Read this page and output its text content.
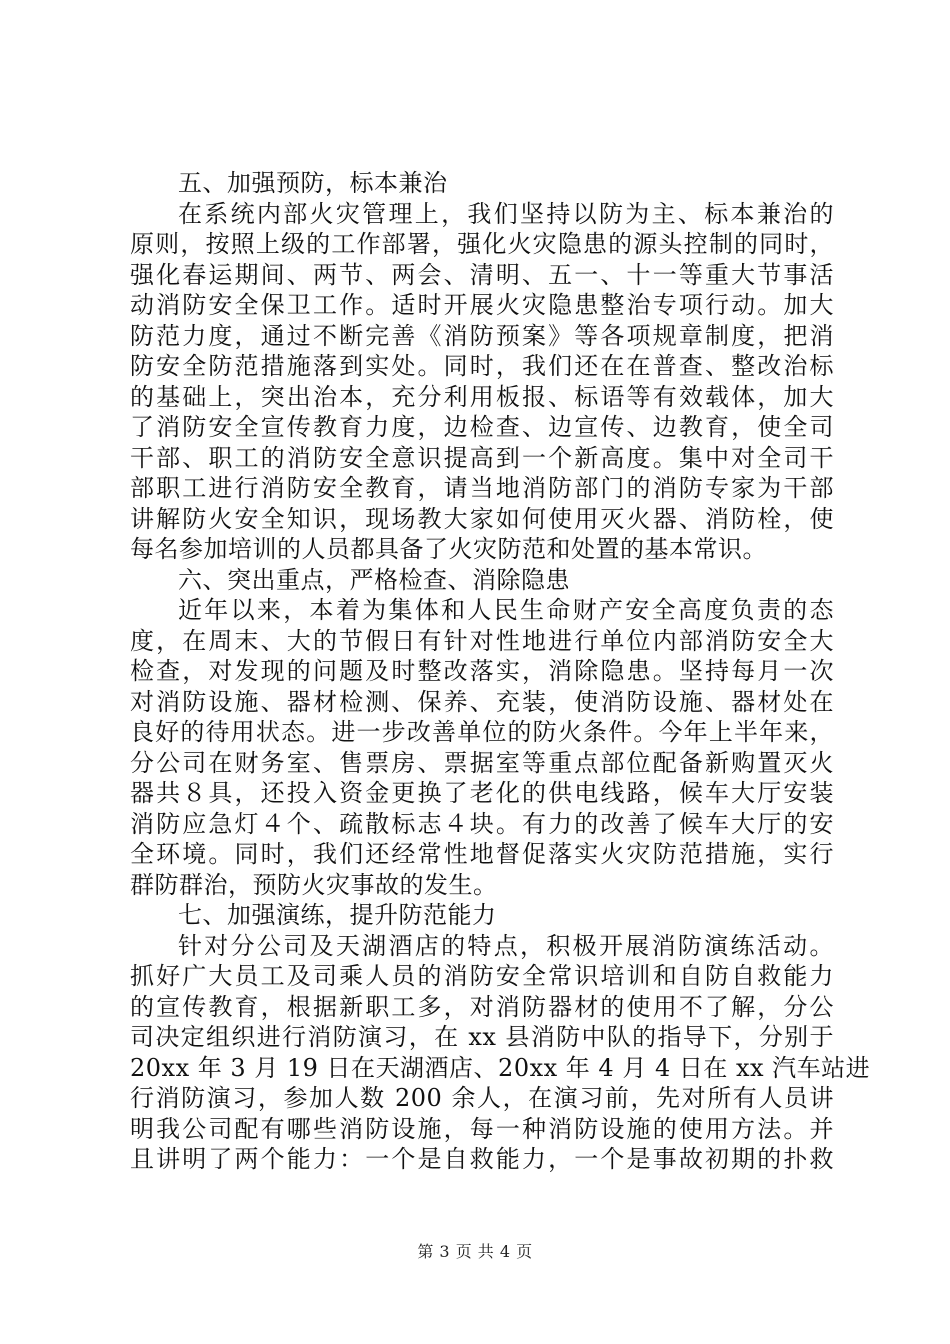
五、加强预防，标本兼治
在系统内部火灾管理上，我们坚持以防为主、标本兼治的
原则，按照上级的工作部署，强化火灾隐患的源头控制的同时，
强化春运期间、两节、两会、清明、五一、十一等重大节事活
动消防安全保卫工作。适时开展火灾隐患整治专项行动。加大
防范力度，通过不断完善《消防预案》等各项规章制度，把消
防安全防范措施落到实处。同时，我们还在在普查、整改治标
的基础上，突出治本，充分利用板报、标语等有效载体，加大
了消防安全宣传教育力度，边检查、边宣传、边教育，使全司
干部、职工的消防安全意识提高到一个新高度。集中对全司干
部职工进行消防安全教育，请当地消防部门的消防专家为干部
讲解防火安全知识，现场教大家如何使用灭火器、消防栓，使
每名参加培训的人员都具备了火灾防范和处置的基本常识。
六、突出重点，严格检查、消除隐患
近年以来，本着为集体和人民生命财产安全高度负责的态
度，在周末、大的节假日有针对性地进行单位内部消防安全大
检查，对发现的问题及时整改落实，消除隐患。坚持每月一次
对消防设施、器材检测、保养、充装，使消防设施、器材处在
良好的待用状态。进一步改善单位的防火条件。今年上半年来，
分公司在财务室、售票房、票据室等重点部位配备新购置灭火
器共８具，还投入资金更换了老化的供电线路，候车大厅安装
消防应急灯４个、疏散标志４块。有力的改善了候车大厅的安
全环境。同时，我们还经常性地督促落实火灾防范措施，实行
群防群治，预防火灾事故的发生。
七、加强演练，提升防范能力
针对分公司及天湖酒店的特点，积极开展消防演练活动。
抓好广大员工及司乘人员的消防安全常识培训和自防自救能力
的宣传教育，根据新职工多，对消防器材的使用不了解，分公
司决定组织进行消防演习，在 xx 县消防中队的指导下，分别于
20xx 年 3 月 19 日在天湖酒店、20xx 年 4 月 4 日在 xx 汽车站进
行消防演习，参加人数 200 余人，在演习前，先对所有人员讲
明我公司配有哪些消防设施，每一种消防设施的使用方法。并
且讲明了两个能力：一个是自救能力，一个是事故初期的扑救
第 3 页 共 4 页
